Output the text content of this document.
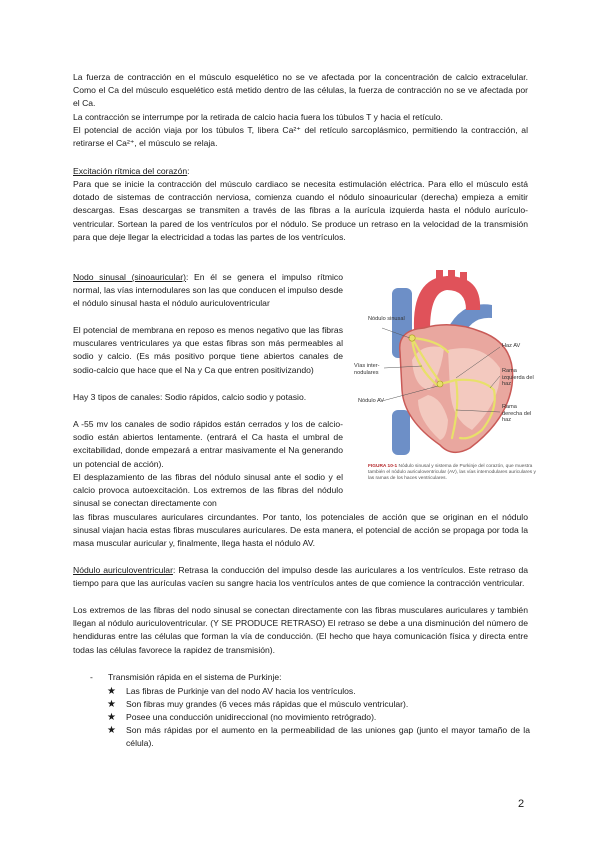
La fuerza de contracción en el músculo esquelético no se ve afectada por la concentración de calcio extracelular. Como el Ca del músculo esquelético está metido dentro de las células, la fuerza de contracción no se ve afectada por el Ca.

La contracción se interrumpe por la retirada de calcio hacia fuera los túbulos T y hacia el retículo.

El potencial de acción viaja por los túbulos T, libera Ca²⁺ del retículo sarcoplásmico, permitiendo la contracción, al retirarse el Ca²⁺, el músculo se relaja.

Excitación rítmica del corazón:

Para que se inicie la contracción del músculo cardiaco se necesita estimulación eléctrica. Para ello el músculo está dotado de sistemas de contracción nerviosa, comienza cuando el nódulo sinoauricular (derecha) empieza a emitir descargas. Esas descargas se transmiten a través de las fibras a la aurícula izquierda hasta el nódulo aurículo-ventricular. Sortean la pared de los ventrículos por el nódulo. Se produce un retraso en la velocidad de la transmisión para que deje llegar la electricidad a todas las partes de los ventrículos.

Nodo sinusal (sinoauricular): En él se genera el impulso rítmico normal, las vías internodulares son las que conducen el impulso desde el nódulo sinusal hasta el nódulo auriculoventricular

El potencial de membrana en reposo es menos negativo que las fibras musculares ventriculares ya que estas fibras son más permeables al sodio y calcio. (Es más positivo porque tiene abiertos canales de sodio-calcio que hace que el Na y Ca que entren positivizando)

Hay 3 tipos de canales: Sodio rápidos, calcio sodio y potasio.

A -55 mv los canales de sodio rápidos están cerrados y los de calcio-sodio están abiertos lentamente. (entrará el Ca hasta el umbral de excitabilidad, donde empezará a entrar masivamente el Na generando un potencial de acción).

El desplazamiento de las fibras del nódulo sinusal ante el sodio y el calcio provoca autoexcitación. Los extremos de las fibras del nódulo sinusal se conectan directamente con

las fibras musculares auriculares circundantes. Por tanto, los potenciales de acción que se originan en el nódulo sinusal viajan hacia estas fibras musculares auriculares. De esta manera, el potencial de acción se propaga por toda la masa muscular auricular y, finalmente, llega hasta el nódulo AV.

Nódulo sinusal
Vías inter-nodulares
Nódulo AV
Haz AV
Rama izquierda del haz
Rama derecha del haz
FIGURA 10-1 Nódulo sinusal y sistema de Purkinje del corazón, que muestra también el nódulo auriculoventricular (AV), las vías internodulares auriculares y las ramas de los haces ventriculares.

Nódulo auriculoventricular: Retrasa la conducción del impulso desde las auriculares a los ventrículos. Este retraso da tiempo para que las aurículas vacíen su sangre hacia los ventrículos antes de que comience la contracción ventricular.

Los extremos de las fibras del nodo sinusal se conectan directamente con las fibras musculares auriculares y también llegan al nódulo auriculoventricular. (Y SE PRODUCE RETRASO) El retraso se debe a una disminución del número de hendiduras entre las células que forman la vía de conducción. (El hecho que haya comunicación física y directa entre todas las células favorece la rapidez de transmisión).

- Transmisión rápida en el sistema de Purkinje:
★ Las fibras de Purkinje van del nodo AV hacia los ventrículos.
★ Son fibras muy grandes (6 veces más rápidas que el músculo ventricular).
★ Posee una conducción unidireccional (no movimiento retrógrado).
★ Son más rápidas por el aumento en la permeabilidad de las uniones gap (junto el mayor tamaño de la célula).
2
